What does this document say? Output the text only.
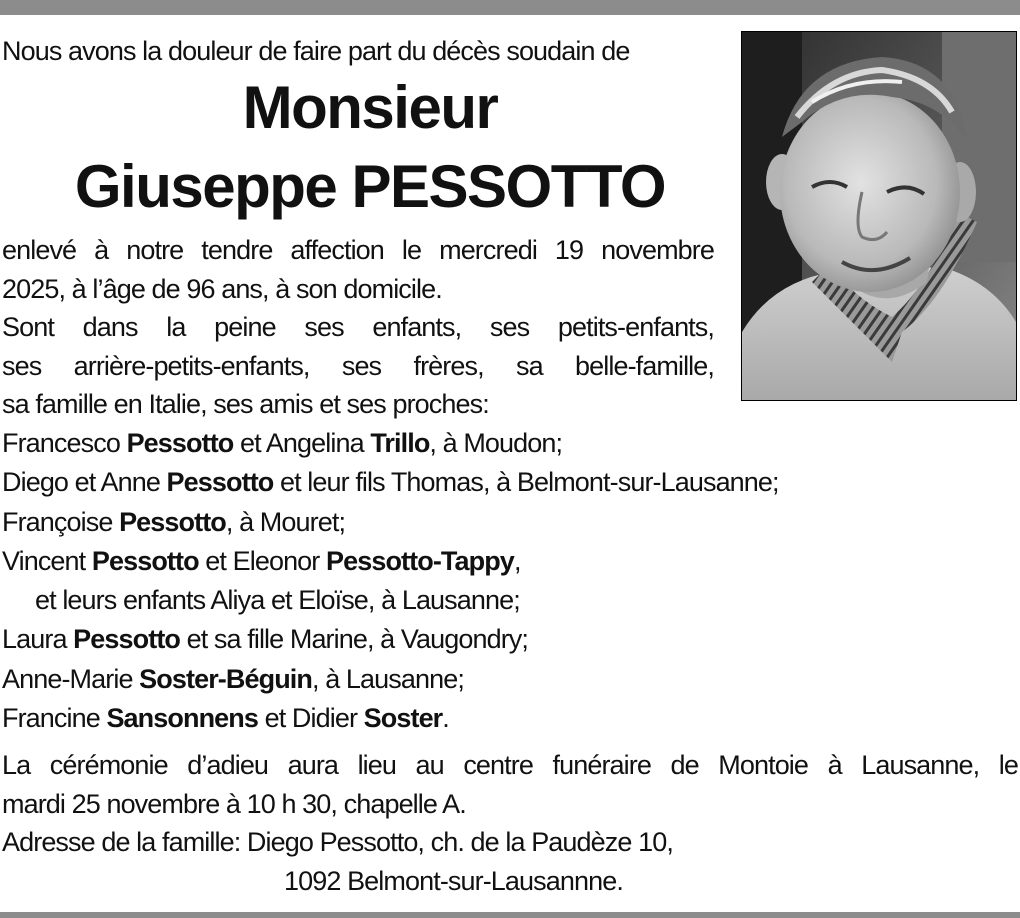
Nous avons la douleur de faire part du décès soudain de
Monsieur
Giuseppe PESSOTTO
enlevé à notre tendre affection le mercredi 19 novembre
2025, à l’âge de 96 ans, à son domicile.
Sont dans la peine ses enfants, ses petits-enfants,
ses arrière-petits-enfants, ses frères, sa belle-famille,
sa famille en Italie, ses amis et ses proches:
Francesco Pessotto et Angelina Trillo, à Moudon;
Diego et Anne Pessotto et leur fils Thomas, à Belmont-sur-Lausanne;
Françoise Pessotto, à Mouret;
Vincent Pessotto et Eleonor Pessotto-Tappy,
et leurs enfants Aliya et Eloïse, à Lausanne;
Laura Pessotto et sa fille Marine, à Vaugondry;
Anne-Marie Soster-Béguin, à Lausanne;
Francine Sansonnens et Didier Soster.
La cérémonie d’adieu aura lieu au centre funéraire de Montoie à Lausanne, le
mardi 25 novembre à 10 h 30, chapelle A.
Adresse de la famille: Diego Pessotto, ch. de la Paudèze 10,
1092 Belmont-sur-Lausannne.
